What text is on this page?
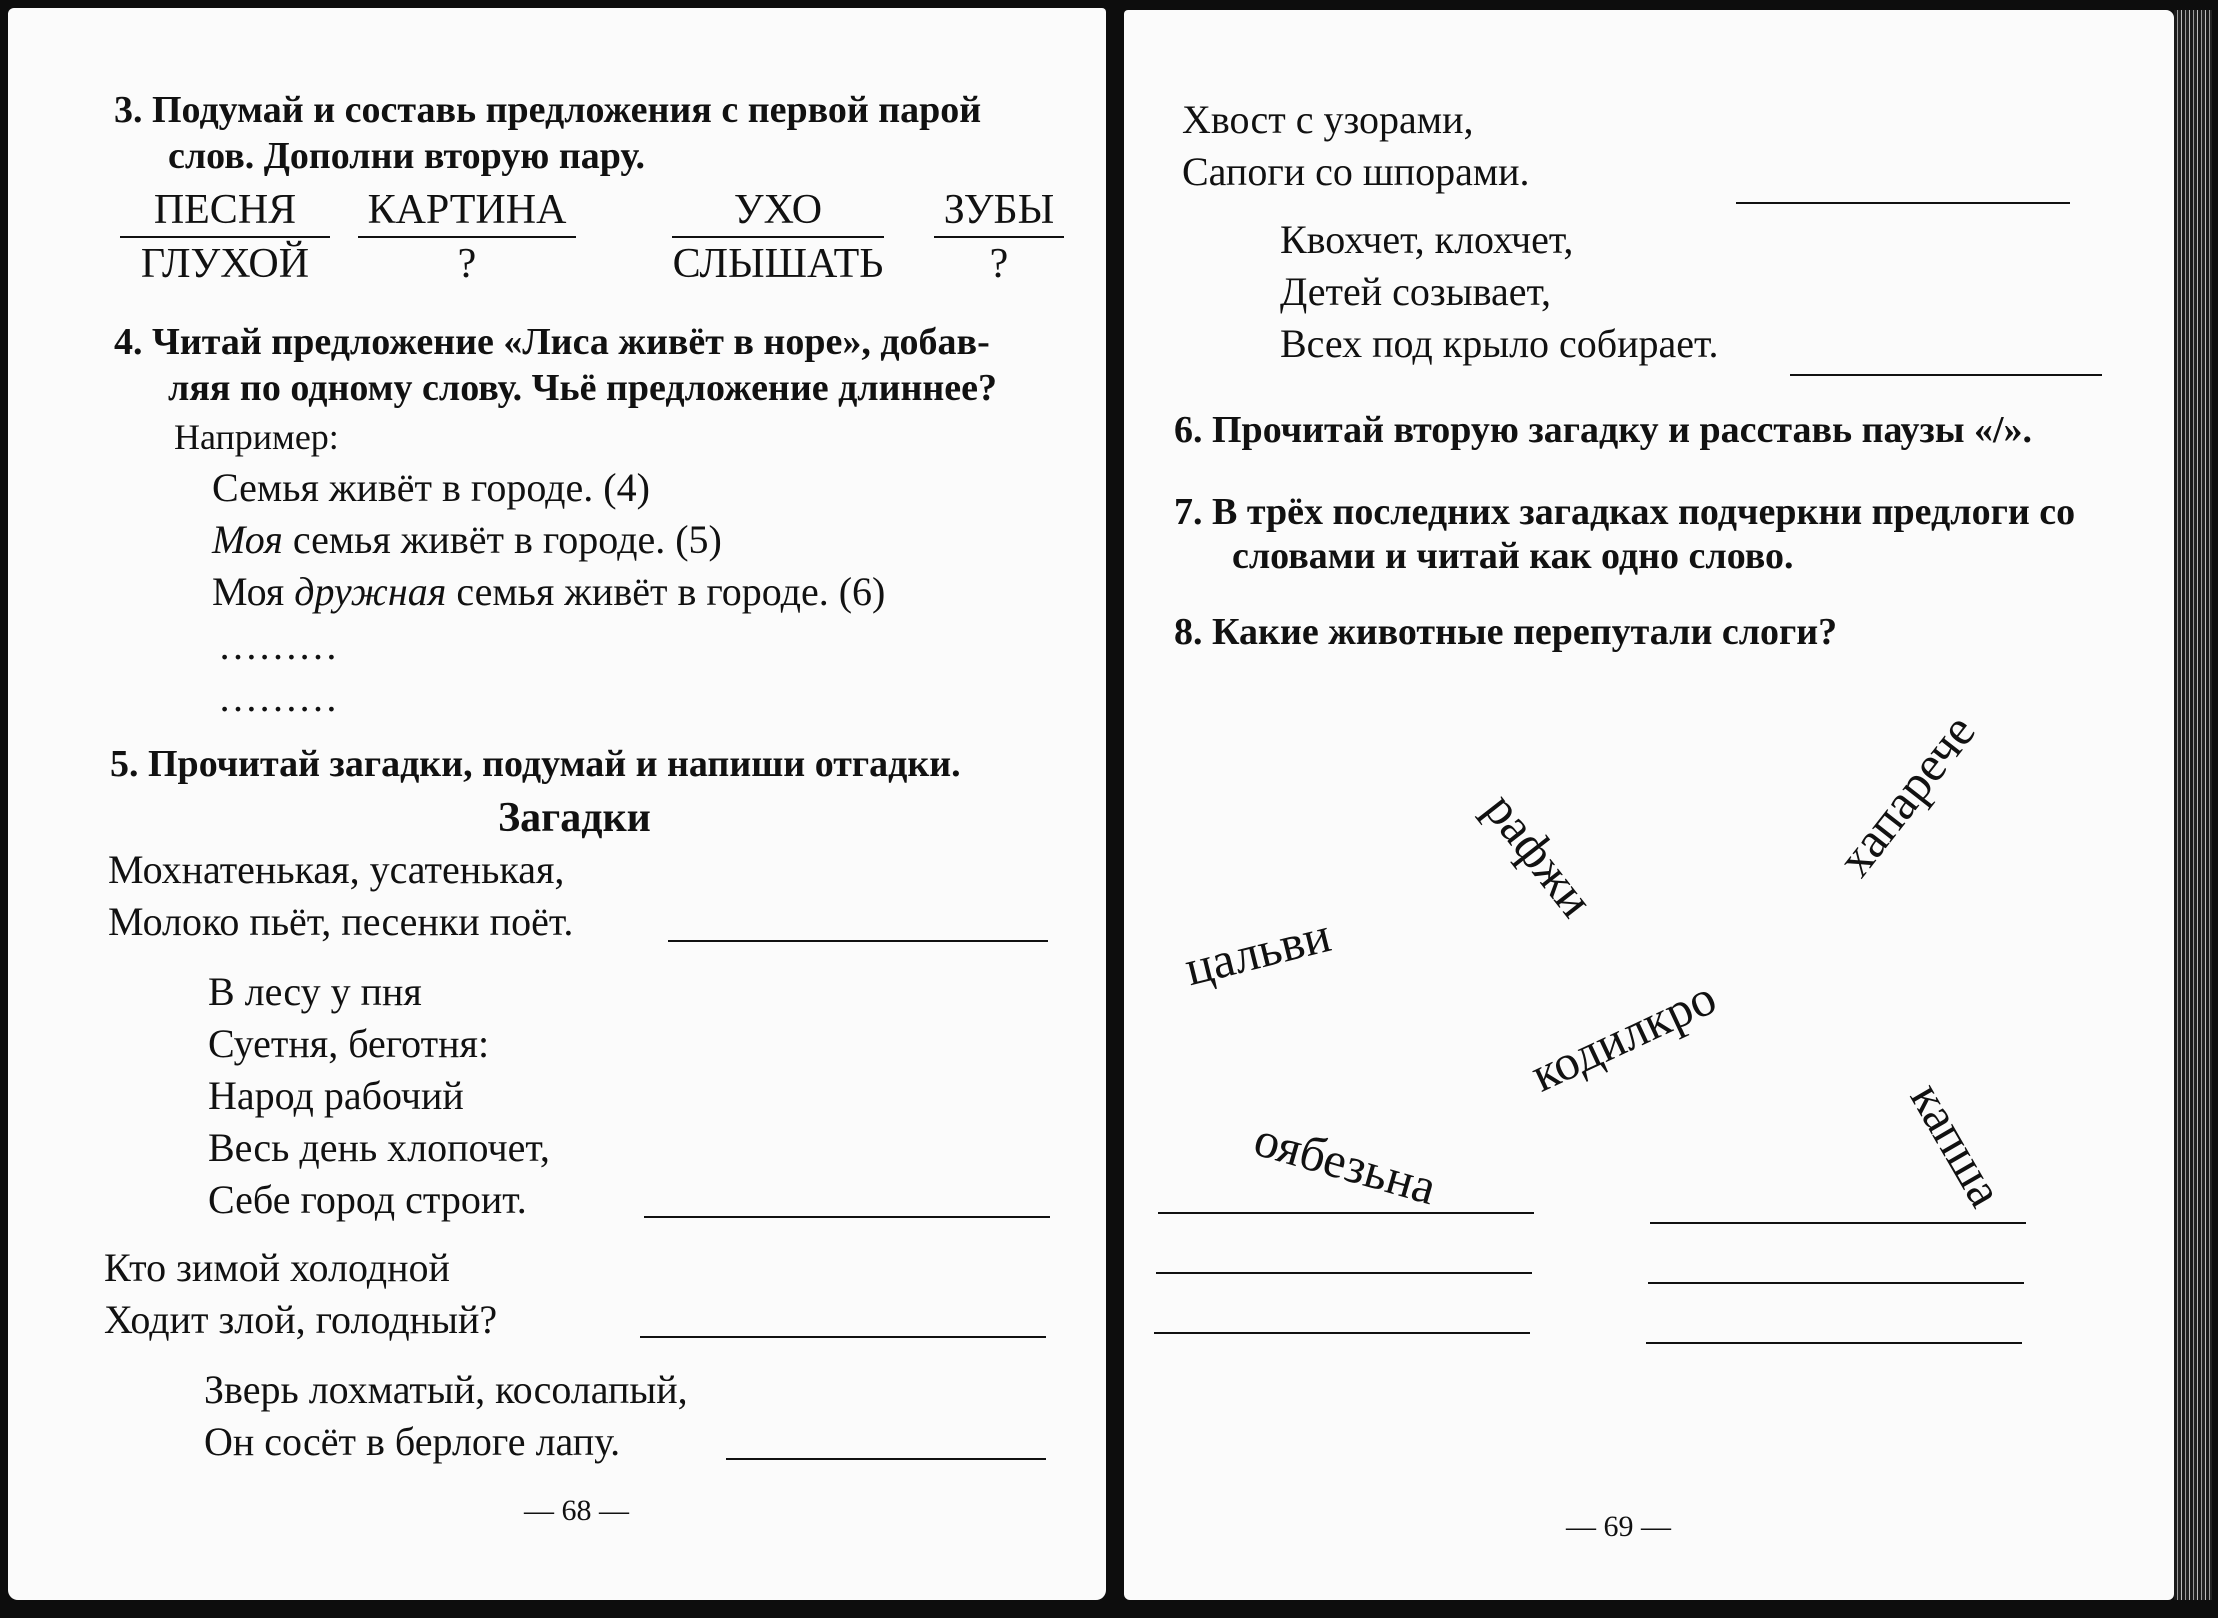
3. Подумай и составь предложения с первой парой
слов. Дополни вторую пару.
ПЕСНЯ
ГЛУХОЙ
КАРТИНА
?
УХО
СЛЫШАТЬ
ЗУБЫ
?
4. Читай предложение «Лиса живёт в норе», добав-
ляя по одному слову. Чьё предложение длиннее?
Например:
Семья живёт в городе. (4)
Моя семья живёт в городе. (5)
Моя дружная семья живёт в городе. (6)
………
………
5. Прочитай загадки, подумай и напиши отгадки.
Загадки
Мохнатенькая, усатенькая,
Молоко пьёт, песенки поёт.
В лесу у пня
Суетня, беготня:
Народ рабочий
Весь день хлопочет,
Себе город строит.
Кто зимой холодной
Ходит злой, голодный?
Зверь лохматый, косолапый,
Он сосёт в берлоге лапу.
— 68 —
Хвост с узорами,
Сапоги со шпорами.
Квохчет, клохчет,
Детей созывает,
Всех под крыло собирает.
6. Прочитай вторую загадку и расставь паузы «/».
7. В трёх последних загадках подчеркни предлоги со
словами и читай как одно слово.
8. Какие животные перепутали слоги?
рафжи	хапарече
цальви
кодилкро
оябезьна	капша
— 69 —
